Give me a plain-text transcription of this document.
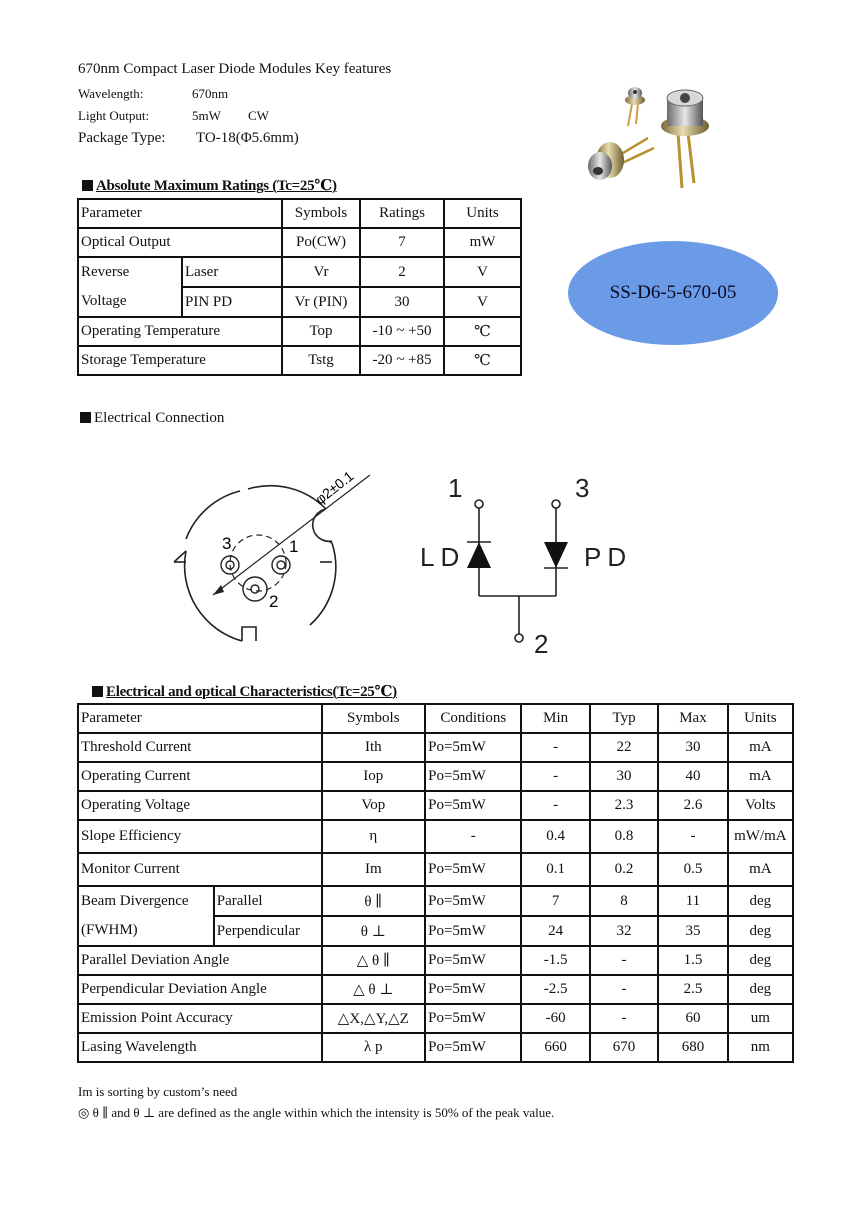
670nm Compact Laser Diode Modules Key features
Wavelength:	670nm
Light Output:	5mW CW
Package Type: TO-18(Φ5.6mm)
SS-D6-5-670-05
Absolute Maximum Ratings (Tc=25℃)
Parameter		Symbols	Ratings	Units
Optical Output		Po(CW)	7	mW
Reverse
Voltage	Laser	Vr	2	V
	PIN PD	Vr (PIN)	30	V
Operating Temperature		Top	-10 ~ +50	℃
Storage Temperature		Tstg	-20 ~ +85	℃
Electrical Connection
3	1
2
φ2±0.1	1	3
2
LD	PD
Electrical and optical Characteristics(Tc=25℃)
Parameter		Symbols	Conditions	Min	Typ	Max	Units
Threshold Current		Ith	Po=5mW	-	22	30	mA
Operating Current		Iop	Po=5mW	-	30	40	mA
Operating Voltage		Vop	Po=5mW	-	2.3	2.6	Volts
Slope Efficiency		η	-	0.4	0.8	-	mW/mA
Monitor Current		Im	Po=5mW	0.1	0.2	0.5	mA
Beam Divergence
(FWHM)	Parallel	θ ∥	Po=5mW	7	8	11	deg
	Perpendicular	θ ⊥	Po=5mW	24	32	35	deg
Parallel Deviation Angle		△ θ ∥	Po=5mW	-1.5	-	1.5	deg
Perpendicular Deviation Angle		△ θ ⊥	Po=5mW	-2.5	-	2.5	deg
Emission Point Accuracy		△X,△Y,△Z	Po=5mW	-60	-	60	um
Lasing Wavelength		λ p	Po=5mW	660	670	680	nm
Im is sorting by custom’s need
◎ θ ∥ and θ ⊥ are defined as the angle within which the intensity is 50% of the peak value.
